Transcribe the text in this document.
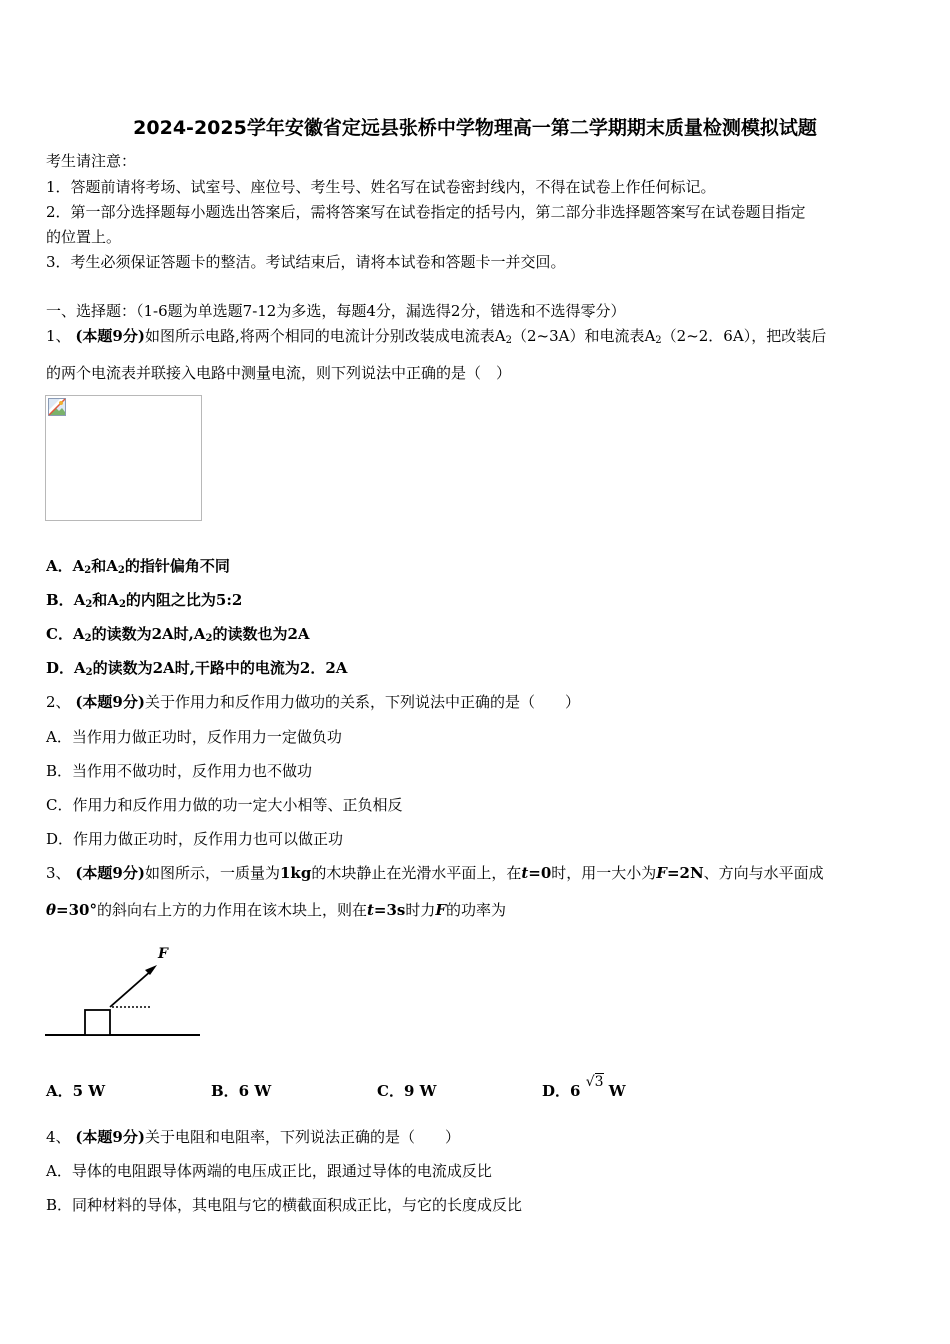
2024-2025学年安徽省定远县张桥中学物理高一第二学期期末质量检测模拟试题
考生请注意：
1．答题前请将考场、试室号、座位号、考生号、姓名写在试卷密封线内，不得在试卷上作任何标记。
2．第一部分选择题每小题选出答案后，需将答案写在试卷指定的括号内，第二部分非选择题答案写在试卷题目指定
的位置上。
3．考生必须保证答题卡的整洁。考试结束后，请将本试卷和答题卡一并交回。
一、选择题：（1-6题为单选题7-12为多选，每题4分，漏选得2分，错选和不选得零分）
1、 (本题9分)如图所示电路,将两个相同的电流计分别改装成电流表$A_2(2\sim 3A)$和电流表$A_2(2\sim 2$．6A），把改装后
的两个电流表并联接入电路中测量电流，则下列说法中正确的是（　）
A．$A_2$和$A_2$的指针偏角不同
B．$A_2$和$A_2$的内阻之比为5:2
C．$A_2$的读数为2A时$,A_2$的读数也为2A
D．$A_2$的读数为2A时,干路中的电流为2．2A
2、 (本题9分)关于作用力和反作用力做功的关系，下列说法中正确的是（　　）
A．当作用力做正功时，反作用力一定做负功
B．当作用不做功时，反作用力也不做功
C．作用力和反作用力做的功一定大小相等、正负相反
D．作用力做正功时，反作用力也可以做正功
3、 (本题9分)如图所示，一质量为1kg的木块静止在光滑水平面上，在t=0时，用一大小为F=2N、方向与水平面成
θ=30°的斜向右上方的力作用在该木块上，则在t=3s时力F的功率为
F
A．5 W	B．6 W	C．9 W	D．6 √3 W
4、 (本题9分)关于电阻和电阻率，下列说法正确的是（　　）
A．导体的电阻跟导体两端的电压成正比，跟通过导体的电流成反比
B．同种材料的导体，其电阻与它的横截面积成正比，与它的长度成反比
